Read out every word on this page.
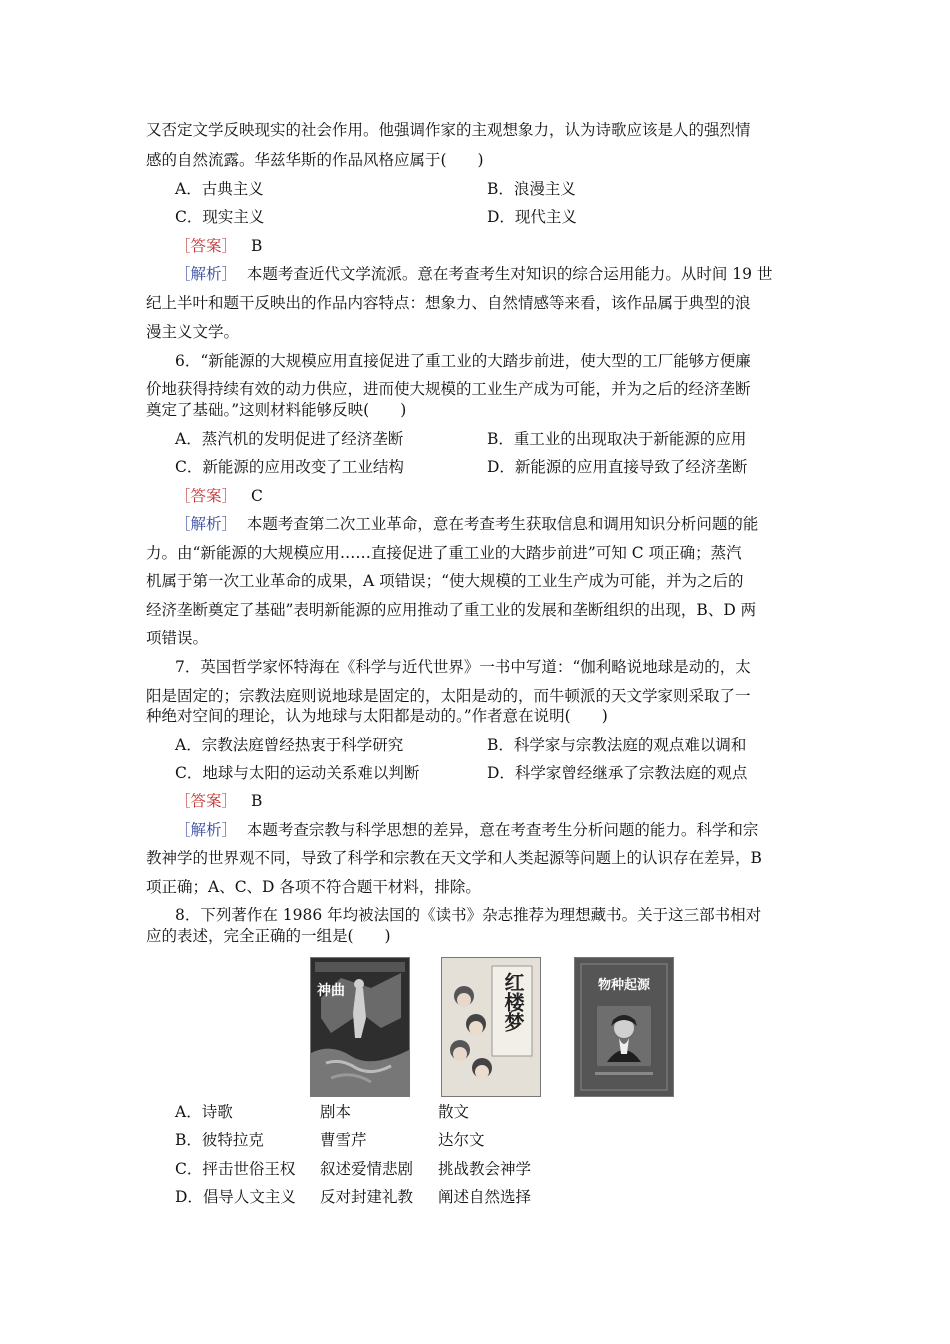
又否定文学反映现实的社会作用。他强调作家的主观想象力，认为诗歌应该是人的强烈情
感的自然流露。华兹华斯的作品风格应属于(　　)
A．古典主义	B．浪漫主义
C．现实主义	D．现代主义
［答案］ B
［解析］ 本题考查近代文学流派。意在考查考生对知识的综合运用能力。从时间 19 世
纪上半叶和题干反映出的作品内容特点：想象力、自然情感等来看，该作品属于典型的浪
漫主义文学。
6．“新能源的大规模应用直接促进了重工业的大踏步前进，使大型的工厂能够方便廉
价地获得持续有效的动力供应，进而使大规模的工业生产成为可能，并为之后的经济垄断
奠定了基础。”这则材料能够反映(　　)
A．蒸汽机的发明促进了经济垄断	B．重工业的出现取决于新能源的应用
C．新能源的应用改变了工业结构	D．新能源的应用直接导致了经济垄断
［答案］ C
［解析］ 本题考查第二次工业革命，意在考查考生获取信息和调用知识分析问题的能
力。由“新能源的大规模应用……直接促进了重工业的大踏步前进”可知 C 项正确；蒸汽
机属于第一次工业革命的成果，A 项错误；“使大规模的工业生产成为可能，并为之后的
经济垄断奠定了基础”表明新能源的应用推动了重工业的发展和垄断组织的出现，B、D 两
项错误。
7．英国哲学家怀特海在《科学与近代世界》一书中写道：“伽利略说地球是动的，太
阳是固定的；宗教法庭则说地球是固定的，太阳是动的，而牛顿派的天文学家则采取了一
种绝对空间的理论，认为地球与太阳都是动的。”作者意在说明(　　)
A．宗教法庭曾经热衷于科学研究	B．科学家与宗教法庭的观点难以调和
C．地球与太阳的运动关系难以判断	D．科学家曾经继承了宗教法庭的观点
［答案］ B
［解析］ 本题考查宗教与科学思想的差异，意在考查考生分析问题的能力。科学和宗
教神学的世界观不同，导致了科学和宗教在天文学和人类起源等问题上的认识存在差异，B
项正确；A、C、D 各项不符合题干材料，排除。
8．下列著作在 1986 年均被法国的《读书》杂志推荐为理想藏书。关于这三部书相对
应的表述，完全正确的一组是(　　)
神曲	红楼梦	物种起源
A．诗歌	剧本	散文
B．彼特拉克	曹雪芹	达尔文
C．抨击世俗王权 叙述爱情悲剧 挑战教会神学
D．倡导人文主义 反对封建礼教 阐述自然选择
